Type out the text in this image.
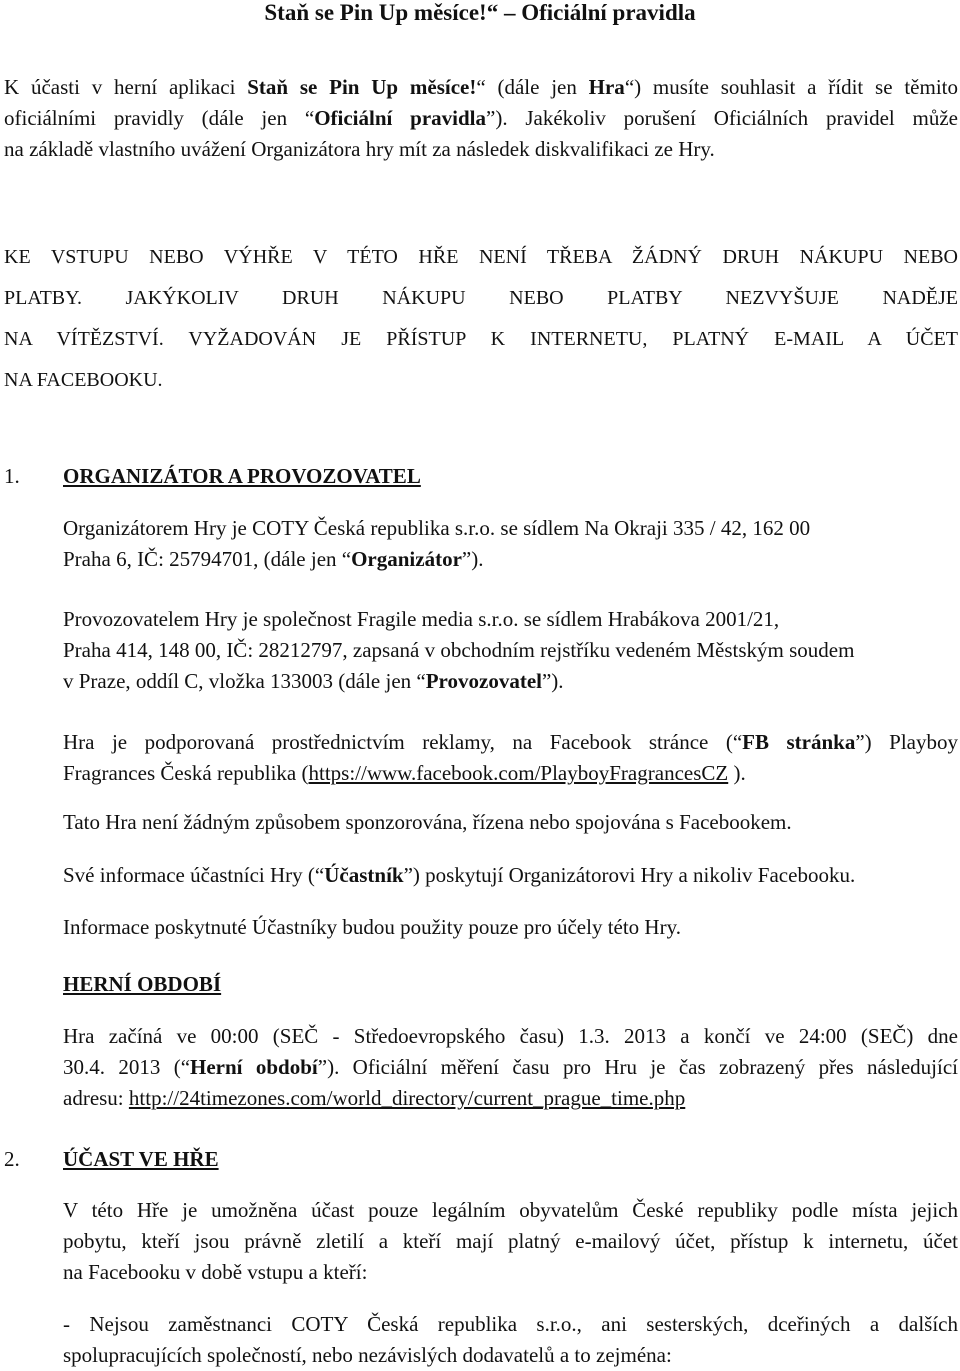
Staň se Pin Up měsíce!“ – Oficiální pravidla
K účasti v herní aplikaci Staň se Pin Up měsíce!“ (dále jen Hra“) musíte souhlasit a řídit se těmito
oficiálními pravidly (dále jen “Oficiální pravidla”). Jakékoliv porušení Oficiálních pravidel může
na základě vlastního uvážení Organizátora hry mít za následek diskvalifikaci ze Hry.
KE VSTUPU NEBO VÝHŘE V TÉTO HŘE NENÍ TŘEBA ŽÁDNÝ DRUH NÁKUPU NEBO
PLATBY. JAKÝKOLIV DRUH NÁKUPU NEBO PLATBY NEZVYŠUJE NADĚJE
NA VÍTĚZSTVÍ. VYŽADOVÁN JE PŘÍSTUP K INTERNETU, PLATNÝ E-MAIL A ÚČET
NA FACEBOOKU.
1. ORGANIZÁTOR A PROVOZOVATEL
Organizátorem Hry je COTY Česká republika s.r.o. se sídlem Na Okraji 335 / 42, 162 00
Praha 6, IČ: 25794701, (dále jen “Organizátor”).
Provozovatelem Hry je společnost Fragile media s.r.o. se sídlem Hrabákova 2001/21,
Praha 414, 148 00, IČ: 28212797, zapsaná v obchodním rejstříku vedeném Městským soudem
v Praze, oddíl C, vložka 133003 (dále jen “Provozovatel”).
Hra je podporovaná prostřednictvím reklamy, na Facebook stránce (“FB stránka”) Playboy
Fragrances Česká republika (https://www.facebook.com/PlayboyFragrancesCZ ).
Tato Hra není žádným způsobem sponzorována, řízena nebo spojována s Facebookem.
Své informace účastníci Hry (“Účastník”) poskytují Organizátorovi Hry a nikoliv Facebooku.
Informace poskytnuté Účastníky budou použity pouze pro účely této Hry.
HERNÍ OBDOBÍ
Hra začíná ve 00:00 (SEČ - Středoevropského času) 1.3. 2013 a končí ve 24:00 (SEČ) dne
30.4. 2013 (“Herní období”). Oficiální měření času pro Hru je čas zobrazený přes následující
adresu: http://24timezones.com/world_directory/current_prague_time.php
2. ÚČAST VE HŘE
V této Hře je umožněna účast pouze legálním obyvatelům České republiky podle místa jejich
pobytu, kteří jsou právně zletilí a kteří mají platný e-mailový účet, přístup k internetu, účet
na Facebooku v době vstupu a kteří:
- Nejsou zaměstnanci COTY Česká republika s.r.o., ani sesterských, dceřiných a dalších
spolupracujících společností, nebo nezávislých dodavatelů a to zejména:
